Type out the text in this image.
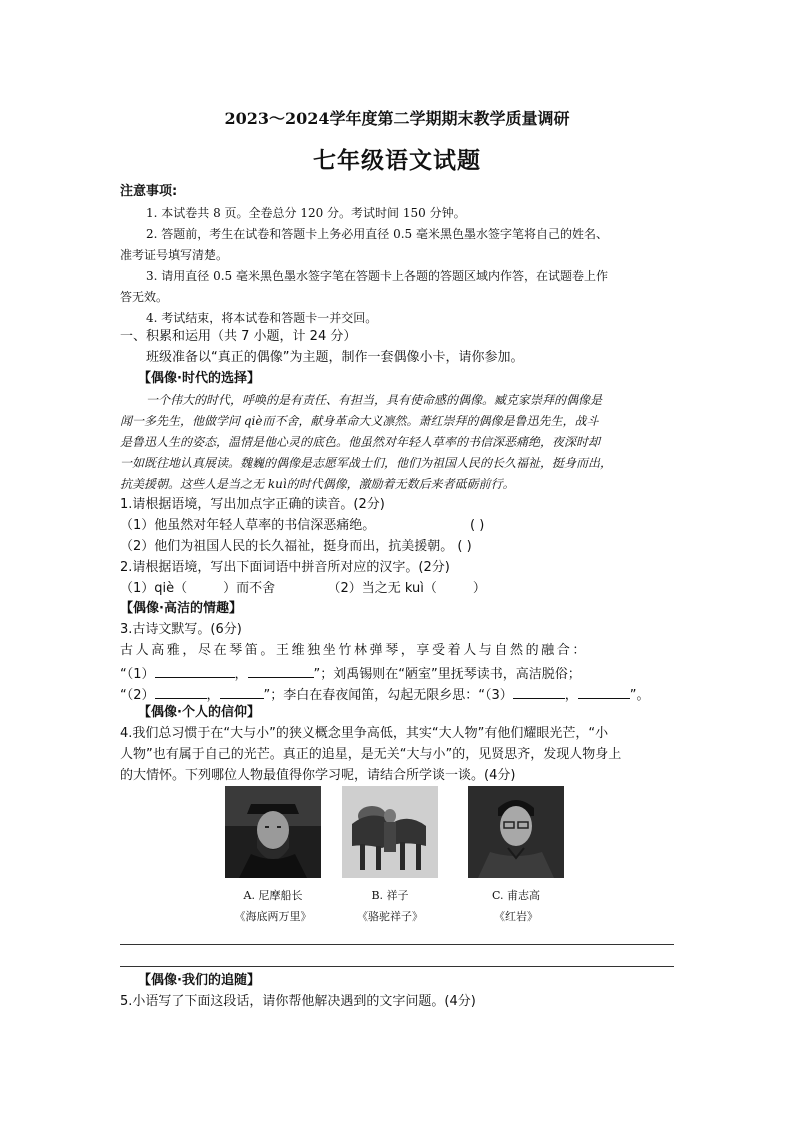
2023～2024学年度第二学期期末教学质量调研
七年级语文试题
注意事项:
1. 本试卷共 8 页。全卷总分 120 分。考试时间 150 分钟。
2. 答题前，考生在试卷和答题卡上务必用直径 0.5 毫米黑色墨水签字笔将自己的姓名、
准考证号填写清楚。
3. 请用直径 0.5 毫米黑色墨水签字笔在答题卡上各题的答题区域内作答，在试题卷上作
答无效。
4. 考试结束，将本试卷和答题卡一并交回。
一、积累和运用（共 7 小题，计 24 分）
班级准备以“真正的偶像”为主题，制作一套偶像小卡，请你参加。
【偶像·时代的选择】
一个伟大的时代，呼唤的是有责任、有担当，具有使命感的偶像。臧克家崇拜的偶像是
闻一多先生，他做学问 qiè而不舍，献身革命大义凛然。萧红崇拜的偶像是鲁迅先生，战斗
是鲁迅人生的姿态，温情是他心灵的底色。他虽然对年轻人草率的书信深恶痛绝，夜深时却
一如既往地认真展读。魏巍的偶像是志愿军战士们，他们为祖国人民的长久福祉，挺身而出，
抗美援朝。这些人是当之无 kuì的时代偶像，激励着无数后来者砥砺前行。
1.请根据语境，写出加点字正确的读音。(2分)
（1）他虽然对年轻人草率的书信深恶痛绝。	( )
（2）他们为祖国人民的长久福祉，挺身而出，抗美援朝。 ( )
2.请根据语境，写出下面词语中拼音所对应的汉字。(2分)
（1）qiè（	）而不舍	（2）当之无 kuì（	）
【偶像·高洁的情趣】
3.古诗文默写。(6分)
古人高雅，尽在琴笛。王维独坐竹林弹琴，享受着人与自然的融合：
“（1）	，	”；刘禹锡则在“陋室”里抚琴读书，高洁脱俗；
“（2）	，	”；李白在春夜闻笛，勾起无限乡思：“（3）	，	”。
【偶像·个人的信仰】
4.我们总习惯于在“大与小”的狭义概念里争高低，其实“大人物”有他们耀眼光芒，“小
人物”也有属于自己的光芒。真正的追星，是无关“大与小”的，见贤思齐，发现人物身上
的大情怀。下列哪位人物最值得你学习呢，请结合所学谈一谈。(4分)
A. 尼摩船长	B. 祥子	C. 甫志高
《海底两万里》	《骆驼祥子》	《红岩》
【偶像·我们的追随】
5.小语写了下面这段话，请你帮他解决遇到的文字问题。(4分)
